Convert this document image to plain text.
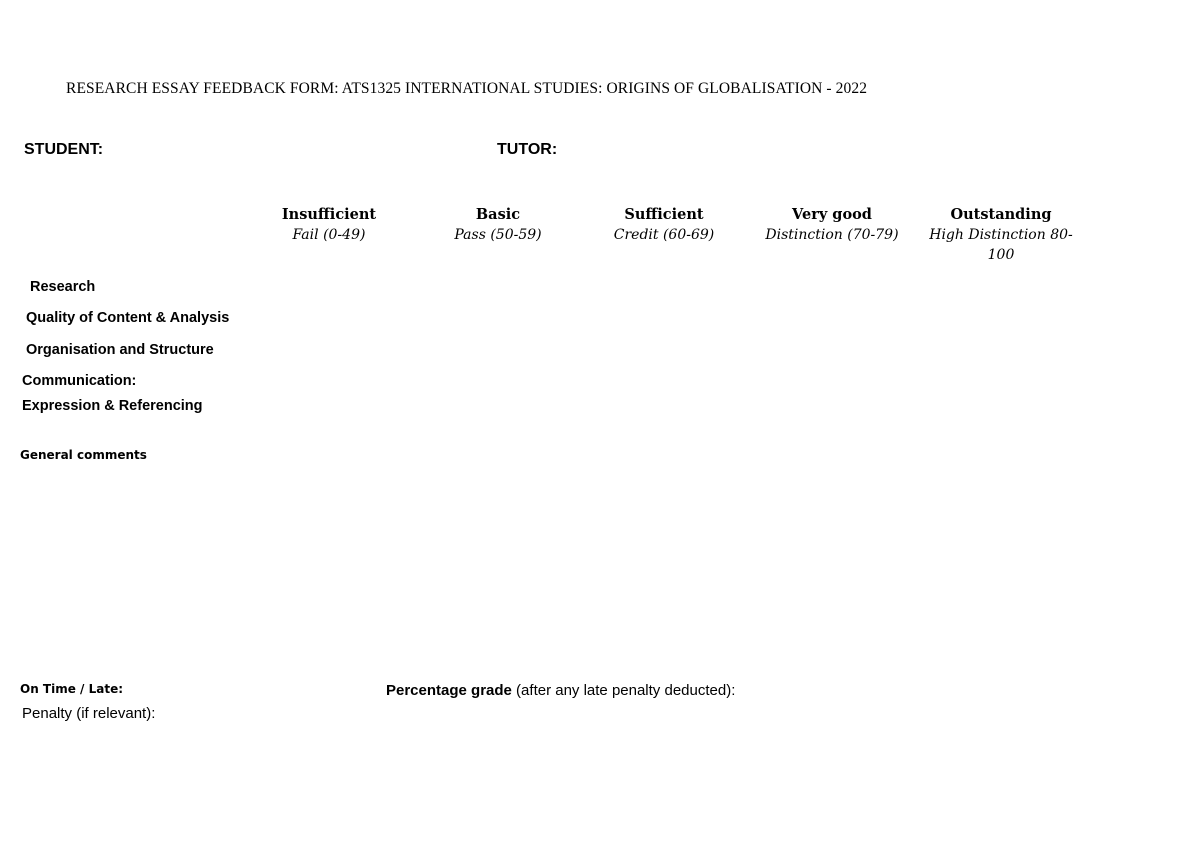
RESEARCH ESSAY FEEDBACK FORM: ATS1325 INTERNATIONAL STUDIES: ORIGINS OF GLOBALISATION - 2022
STUDENT:	TUTOR:
Insufficient
Fail (0-49)
Basic
Pass (50-59)
Sufficient
Credit (60-69)
Very good
Distinction (70-79)
Outstanding
High Distinction 80-100
Research
Quality of Content & Analysis
Organisation and Structure
Communication:
Expression & Referencing
General comments
On Time / Late:
Penalty (if relevant):
Percentage grade (after any late penalty deducted):
